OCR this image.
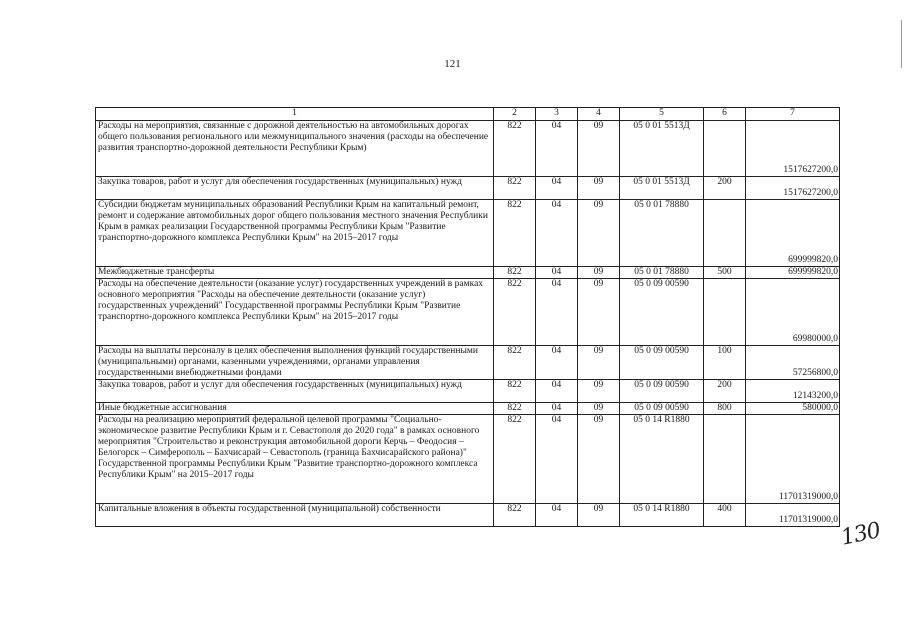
121
1	2	3	4	5	6	7
Расходы на мероприятия, связанные с дорожной деятельностью на автомобильных дорогах общего пользования регионального или межмуниципального значения (расходы на обеспечение развития транспортно-дорожной деятельности Республики Крым)	822	04	09	05 0 01 5513Д		1517627200,0
Закупка товаров, работ и услуг для обеспечения государственных (муниципальных) нужд	822	04	09	05 0 01 5513Д	200	1517627200,0
Субсидии бюджетам муниципальных образований Республики Крым на капитальный ремонт, ремонт и содержание автомобильных дорог общего пользования местного значения Республики Крым в рамках реализации Государственной программы Республики Крым "Развитие транспортно-дорожного комплекса Республики Крым" на 2015–2017 годы	822	04	09	05 0 01 78880		699999820,0
Межбюджетные трансферты	822	04	09	05 0 01 78880	500	699999820,0
Расходы на обеспечение деятельности (оказание услуг) государственных учреждений в рамках основного мероприятия "Расходы на обеспечение деятельности (оказание услуг) государственных учреждений" Государственной программы Республики Крым "Развитие транспортно-дорожного комплекса Республики Крым" на 2015–2017 годы	822	04	09	05 0 09 00590		69980000,0
Расходы на выплаты персоналу в целях обеспечения выполнения функций государственными (муниципальными) органами, казенными учреждениями, органами управления государственными внебюджетными фондами	822	04	09	05 0 09 00590	100	57256800,0
Закупка товаров, работ и услуг для обеспечения государственных (муниципальных) нужд	822	04	09	05 0 09 00590	200	12143200,0
Иные бюджетные ассигнования	822	04	09	05 0 09 00590	800	580000,0
Расходы на реализацию мероприятий федеральной целевой программы "Социально-экономическое развитие Республики Крым и г. Севастополя до 2020 года" в рамках основного мероприятия "Строительство и реконструкция автомобильной дороги Керчь – Феодосия – Белогорск – Симферополь – Бахчисарай – Севастополь (граница Бахчисарайского района)" Государственной программы Республики Крым "Развитие транспортно-дорожного комплекса Республики Крым" на 2015–2017 годы	822	04	09	05 0 14 R1880		11701319000,0
Капитальные вложения в объекты государственной (муниципальной) собственности	822	04	09	05 0 14 R1880	400	11701319000,0 130
